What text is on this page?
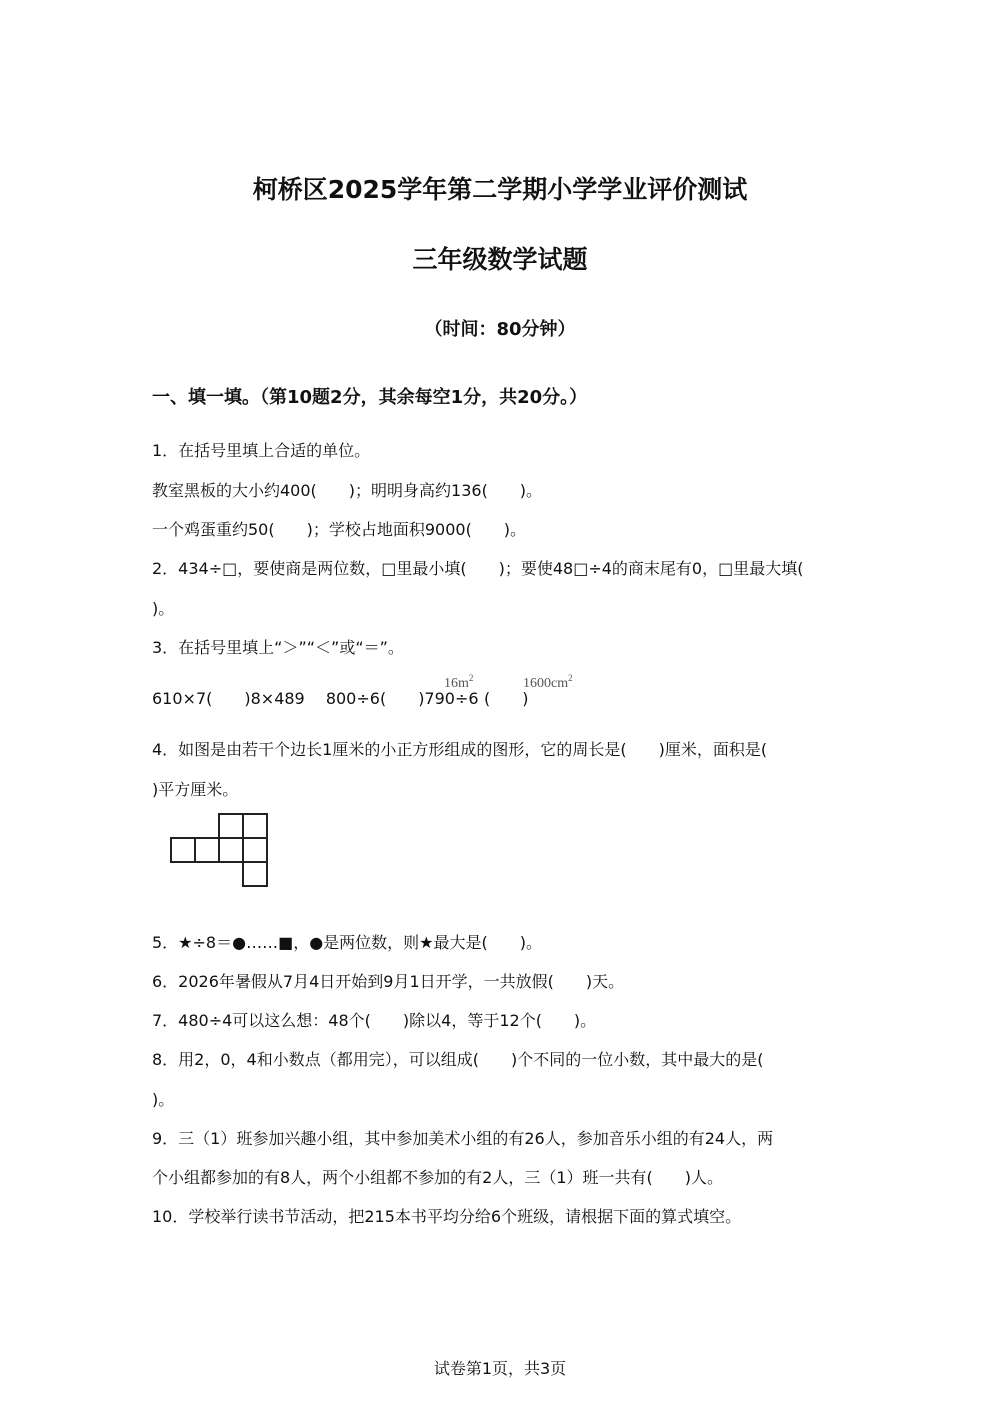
柯桥区2025学年第二学期小学学业评价测试
三年级数学试题
（时间：80分钟）
一、填一填。（第10题2分，其余每空1分，共20分。）
1．在括号里填上合适的单位。
教室黑板的大小约400(　　)；明明身高约136(　　)。
一个鸡蛋重约50(　　)；学校占地面积9000(　　)。
2．434÷□，要使商是两位数，□里最小填(　　)；要使48□÷4的商末尾有0，□里最大填(
)。
3．在括号里填上“＞”“＜”或“＝”。
610×7(　　)8×489　 800÷6(　　)790÷6
$16m^2$
(　　)
$1600cm^2$
4．如图是由若干个边长1厘米的小正方形组成的图形，它的周长是(　　)厘米，面积是(
)平方厘米。
5．★÷8＝●……■，●是两位数，则★最大是(　　)。
6．2026年暑假从7月4日开始到9月1日开学，一共放假(　　)天。
7．480÷4可以这么想：48个(　　)除以4，等于12个(　　)。
8．用2，0，4和小数点（都用完），可以组成(　　)个不同的一位小数，其中最大的是(
)。
9．三（1）班参加兴趣小组，其中参加美术小组的有26人，参加音乐小组的有24人，两
个小组都参加的有8人，两个小组都不参加的有2人，三（1）班一共有(　　)人。
10．学校举行读书节活动，把215本书平均分给6个班级，请根据下面的算式填空。
试卷第1页，共3页
